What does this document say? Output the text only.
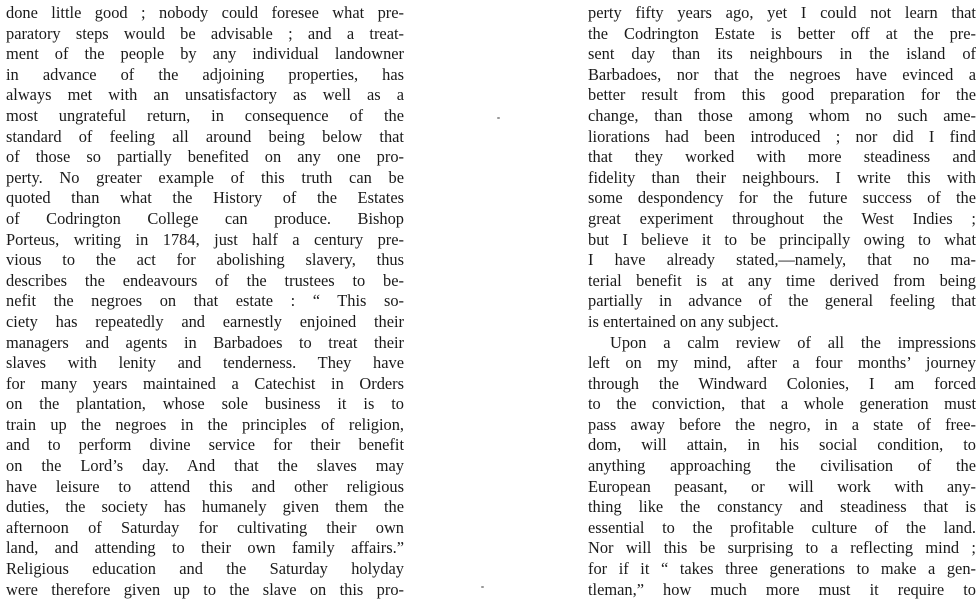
done little good ; nobody could foresee what pre-
paratory steps would be advisable ; and a treat-
ment of the people by any individual landowner
in advance of the adjoining properties, has
always met with an unsatisfactory as well as a
most ungrateful return, in consequence of the
standard of feeling all around being below that
of those so partially benefited on any one pro-
perty. No greater example of this truth can be
quoted than what the History of the Estates
of Codrington College can produce. Bishop
Porteus, writing in 1784, just half a century pre-
vious to the act for abolishing slavery, thus
describes the endeavours of the trustees to be-
nefit the negroes on that estate : “ This so-
ciety has repeatedly and earnestly enjoined their
managers and agents in Barbadoes to treat their
slaves with lenity and tenderness. They have
for many years maintained a Catechist in Orders
on the plantation, whose sole business it is to
train up the negroes in the principles of religion,
and to perform divine service for their benefit
on the Lord’s day. And that the slaves may
have leisure to attend this and other religious
duties, the society has humanely given them the
afternoon of Saturday for cultivating their own
land, and attending to their own family affairs.”
Religious education and the Saturday holyday
were therefore given up to the slave on this pro-
perty fifty years ago, yet I could not learn that
the Codrington Estate is better off at the pre-
sent day than its neighbours in the island of
Barbadoes, nor that the negroes have evinced a
better result from this good preparation for the
change, than those among whom no such ame-
liorations had been introduced ; nor did I find
that they worked with more steadiness and
fidelity than their neighbours. I write this with
some despondency for the future success of the
great experiment throughout the West Indies ;
but I believe it to be principally owing to what
I have already stated,—namely, that no ma-
terial benefit is at any time derived from being
partially in advance of the general feeling that
is entertained on any subject.
Upon a calm review of all the impressions
left on my mind, after a four months’ journey
through the Windward Colonies, I am forced
to the conviction, that a whole generation must
pass away before the negro, in a state of free-
dom, will attain, in his social condition, to
anything approaching the civilisation of the
European peasant, or will work with any-
thing like the constancy and steadiness that is
essential to the profitable culture of the land.
Nor will this be surprising to a reflecting mind ;
for if it “ takes three generations to make a gen-
tleman,” how much more must it require to
